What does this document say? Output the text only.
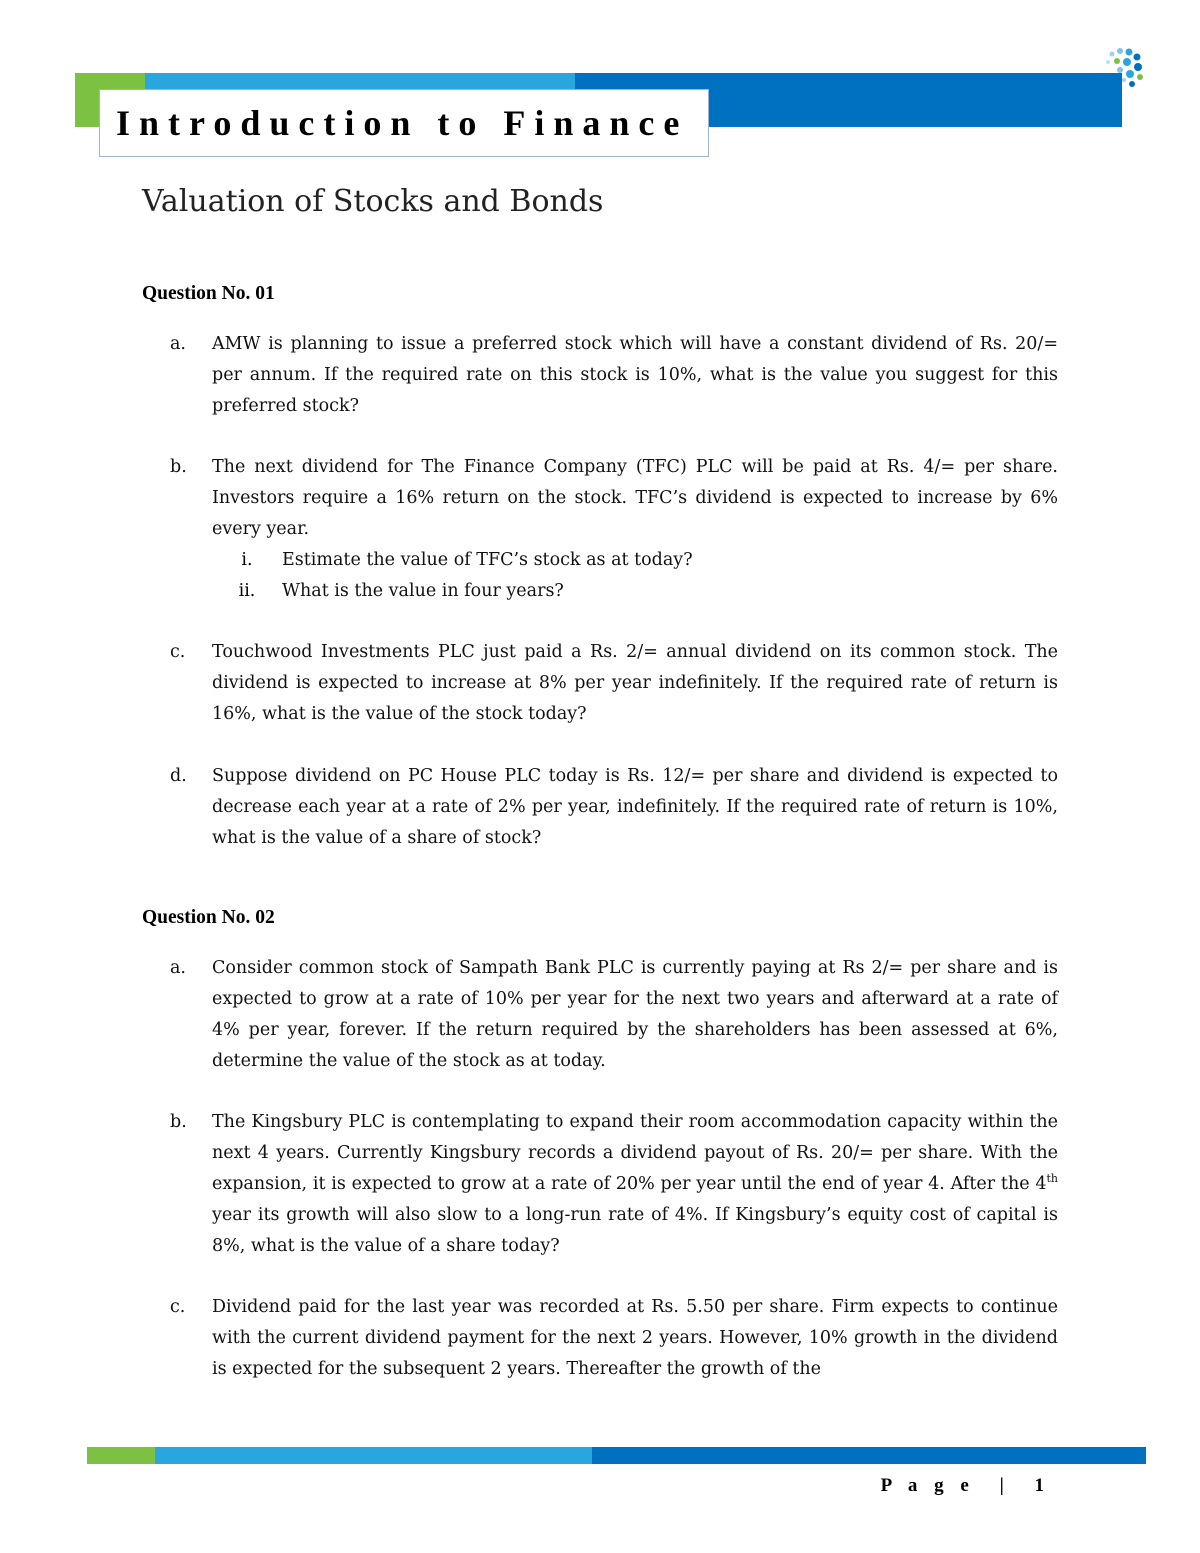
Introduction to Finance
Valuation of Stocks and Bonds
Question No. 01
a.	AMW is planning to issue a preferred stock which will have a constant dividend of Rs. 20/= per annum. If the required rate on this stock is 10%, what is the value you suggest for this preferred stock?
b.	The next dividend for The Finance Company (TFC) PLC will be paid at Rs. 4/= per share. Investors require a 16% return on the stock. TFC’s dividend is expected to increase by 6% every year.
i.	Estimate the value of TFC’s stock as at today?
ii.	What is the value in four years?
c.	Touchwood Investments PLC just paid a Rs. 2/= annual dividend on its common stock. The dividend is expected to increase at 8% per year indefinitely. If the required rate of return is 16%, what is the value of the stock today?
d.	Suppose dividend on PC House PLC today is Rs. 12/= per share and dividend is expected to decrease each year at a rate of 2% per year, indefinitely. If the required rate of return is 10%, what is the value of a share of stock?
Question No. 02
a.	Consider common stock of Sampath Bank PLC is currently paying at Rs 2/= per share and is expected to grow at a rate of 10% per year for the next two years and afterward at a rate of 4% per year, forever. If the return required by the shareholders has been assessed at 6%, determine the value of the stock as at today.
b.	The Kingsbury PLC is contemplating to expand their room accommodation capacity within the next 4 years. Currently Kingsbury records a dividend payout of Rs. 20/= per share. With the expansion, it is expected to grow at a rate of 20% per year until the end of year 4. After the 4th year its growth will also slow to a long-run rate of 4%. If Kingsbury’s equity cost of capital is 8%, what is the value of a share today?
c.	Dividend paid for the last year was recorded at Rs. 5.50 per share. Firm expects to continue with the current dividend payment for the next 2 years. However, 10% growth in the dividend is expected for the subsequent 2 years. Thereafter the growth of the
P a g e | 1
